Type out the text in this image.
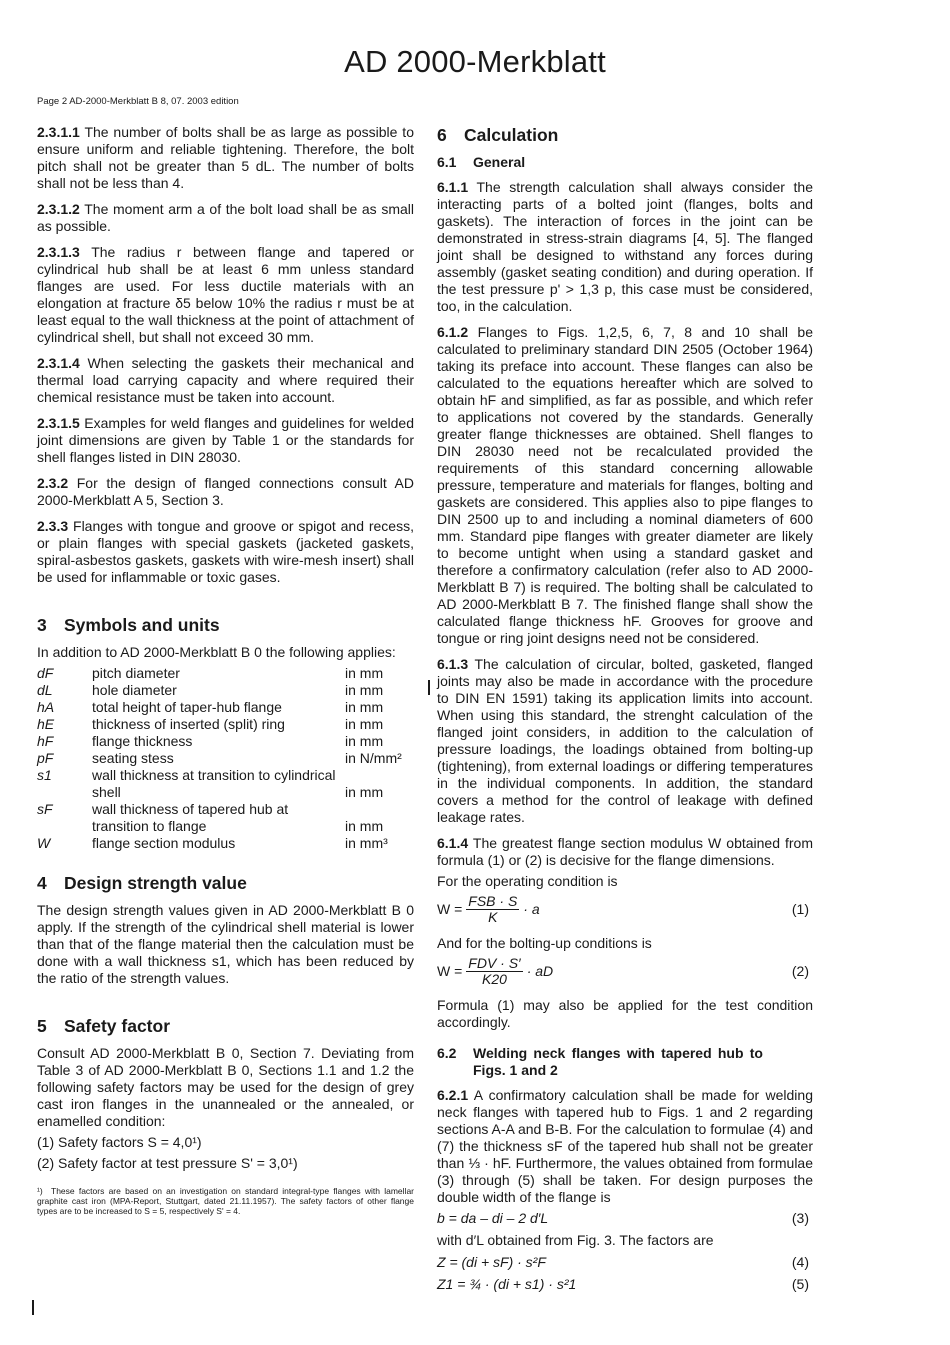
AD 2000-Merkblatt
Page 2 AD-2000-Merkblatt B 8, 07. 2003 edition

2.3.1.1 The number of bolts shall be as large as possible to ensure uniform and reliable tightening. Therefore, the bolt pitch shall not be greater than 5 dL. The number of bolts shall not be less than 4.

2.3.1.2 The moment arm a of the bolt load shall be as small as possible.

2.3.1.3 The radius r between flange and tapered or cylindrical hub shall be at least 6 mm unless standard flanges are used. For less ductile materials with an elongation at fracture δ5 below 10% the radius r must be at least equal to the wall thickness at the point of attachment of cylindrical shell, but shall not exceed 30 mm.

2.3.1.4 When selecting the gaskets their mechanical and thermal load carrying capacity and where required their chemical resistance must be taken into account.

2.3.1.5 Examples for weld flanges and guidelines for welded joint dimensions are given by Table 1 or the standards for shell flanges listed in DIN 28030.

2.3.2 For the design of flanged connections consult AD 2000-Merkblatt A 5, Section 3.

2.3.3 Flanges with tongue and groove or spigot and recess, or plain flanges with special gaskets (jacketed gaskets, spiral-asbestos gaskets, gaskets with wire-mesh insert) shall be used for inflammable or toxic gases.

3 Symbols and units

In addition to AD 2000-Merkblatt B 0 the following applies:

dF	pitch diameter	in mm
dL	hole diameter	in mm
hA	total height of taper-hub flange	in mm
hE	thickness of inserted (split) ring	in mm
hF	flange thickness	in mm
pF	seating stess	in N/mm²
s1	wall thickness at transition to cylindrical shell	in mm
sF	wall thickness of tapered hub at transition to flange	in mm
W	flange section modulus	in mm³
4 Design strength value

The design strength values given in AD 2000-Merkblatt B 0 apply. If the strength of the cylindrical shell material is lower than that of the flange material then the calculation must be done with a wall thickness s1, which has been reduced by the ratio of the strength values.

5 Safety factor

Consult AD 2000-Merkblatt B 0, Section 7. Deviating from Table 3 of AD 2000-Merkblatt B 0, Sections 1.1 and 1.2 the following safety factors may be used for the design of grey cast iron flanges in the unannealed or the annealed, or enamelled condition:

(1) Safety factors S = 4,0¹)

(2) Safety factor at test pressure S' = 3,0¹)

¹) These factors are based on an investigation on standard integral-type flanges with lamellar graphite cast iron (MPA-Report, Stuttgart, dated 21.11.1957). The safety factors of other flange types are to be increased to S = 5, respectively S' = 4.
6 Calculation
6.1 General

6.1.1 The strength calculation shall always consider the interacting parts of a bolted joint (flanges, bolts and gaskets). The interaction of forces in the joint can be demonstrated in stress-strain diagrams [4, 5]. The flanged joint shall be designed to withstand any forces during assembly (gasket seating condition) and during operation. If the test pressure p' > 1,3 p, this case must be considered, too, in the calculation.

6.1.2 Flanges to Figs. 1,2,5, 6, 7, 8 and 10 shall be calculated to preliminary standard DIN 2505 (October 1964) taking its preface into account. These flanges can also be calculated to the equations hereafter which are solved to obtain hF and simplified, as far as possible, and which refer to applications not covered by the standards. Generally greater flange thicknesses are obtained. Shell flanges to DIN 28030 need not be recalculated provided the requirements of this standard concerning allowable pressure, temperature and materials for flanges, bolting and gaskets are considered. This applies also to pipe flanges to DIN 2500 up to and including a nominal diameters of 600 mm. Standard pipe flanges with greater diameter are likely to become untight when using a standard gasket and therefore a confirmatory calculation (refer also to AD 2000-Merkblatt B 7) is required. The bolting shall be calculated to AD 2000-Merkblatt B 7. The finished flange shall show the calculated flange thickness hF. Grooves for groove and tongue or ring joint designs need not be considered.

6.1.3 The calculation of circular, bolted, gasketed, flanged joints may also be made in accordance with the procedure to DIN EN 1591) taking its application limits into account. When using this standard, the strenght calculation of the flanged joint considers, in addition to the calculation of pressure loadings, the loadings obtained from bolting-up (tightening), from external loadings or differing temperatures in the individual components. In addition, the standard covers a method for the control of leakage with defined leakage rates.

6.1.4 The greatest flange section modulus W obtained from formula (1) or (2) is decisive for the flange dimensions.

For the operating condition is

$W = \frac{\text{FSB · S}}{K} \cdot a$	(1)

And for the bolting-up conditions is

$W = \frac{\text{FDV · S′}}{K20}$ · aD	(2)

Formula (1) may also be applied for the test condition accordingly.

6.2	Welding neck flanges with tapered hub to Figs. 1 and 2

6.2.1 A confirmatory calculation shall be made for welding neck flanges with tapered hub to Figs. 1 and 2 regarding sections A-A and B-B. For the calculation to formulae (4) and (7) the thickness sF of the tapered hub shall not be greater than ⅓ · hF. Furthermore, the values obtained from formulae (3) through (5) shall be taken. For design purposes the double width of the flange is

b = da – di – 2 d′L	(3)

with d′L obtained from Fig. 3. The factors are

Z = (di + sF) · s²F	(4)
Z1 = ¾ · (di + s1) · s²1	(5)
